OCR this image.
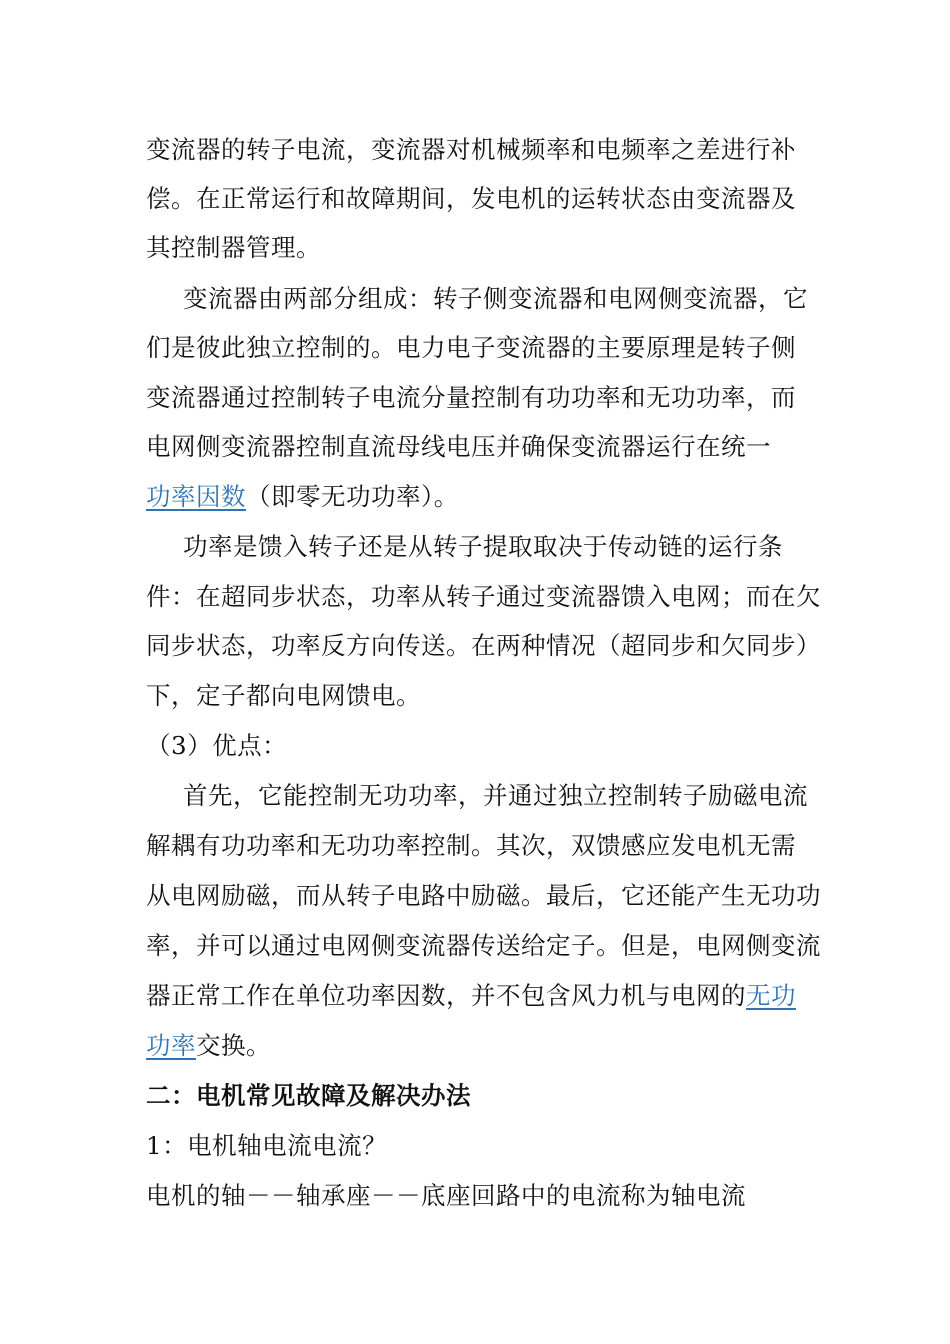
变流器的转子电流，变流器对机械频率和电频率之差进行补
偿。在正常运行和故障期间，发电机的运转状态由变流器及
其控制器管理。
变流器由两部分组成：转子侧变流器和电网侧变流器，它
们是彼此独立控制的。电力电子变流器的主要原理是转子侧
变流器通过控制转子电流分量控制有功功率和无功功率，而
电网侧变流器控制直流母线电压并确保变流器运行在统一
功率因数（即零无功功率）。
功率是馈入转子还是从转子提取取决于传动链的运行条
件：在超同步状态，功率从转子通过变流器馈入电网；而在欠
同步状态，功率反方向传送。在两种情况（超同步和欠同步）
下，定子都向电网馈电。
（3）优点：
首先，它能控制无功功率，并通过独立控制转子励磁电流
解耦有功功率和无功功率控制。其次，双馈感应发电机无需
从电网励磁，而从转子电路中励磁。最后，它还能产生无功功
率，并可以通过电网侧变流器传送给定子。但是，电网侧变流
器正常工作在单位功率因数，并不包含风力机与电网的无功
功率交换。
二：电机常见故障及解决办法
1：电机轴电流电流？
电机的轴－－轴承座－－底座回路中的电流称为轴电流
